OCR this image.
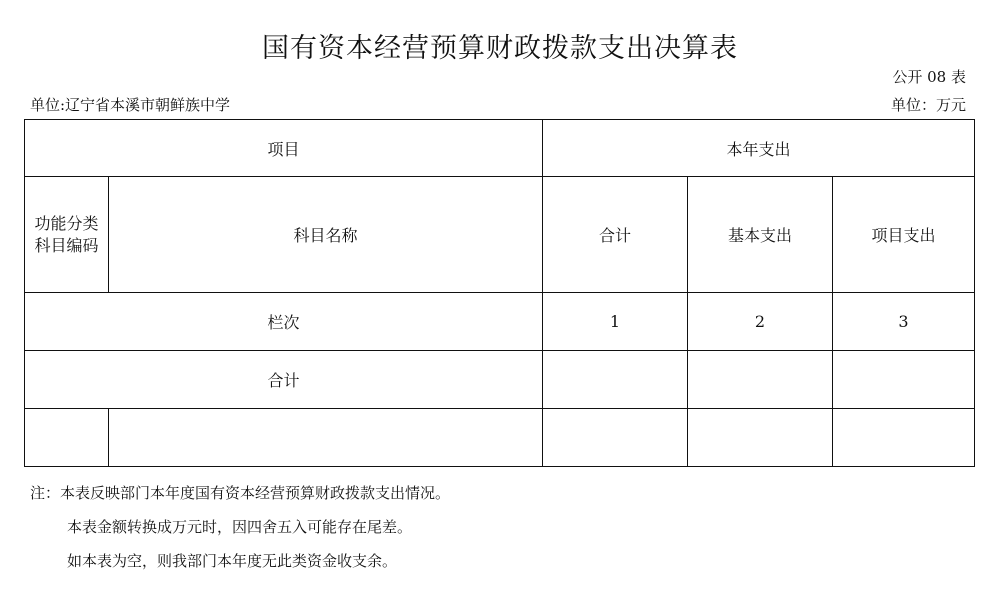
国有资本经营预算财政拨款支出决算表
公开 08 表
单位:辽宁省本溪市朝鲜族中学	单位：万元
项目		本年支出		

功能分类
科目编码	科目名称	合计	基本支出	项目支出
栏次		1	2	3
合计				

注：本表反映部门本年度国有资本经营预算财政拨款支出情况。
本表金额转换成万元时，因四舍五入可能存在尾差。
如本表为空，则我部门本年度无此类资金收支余。
